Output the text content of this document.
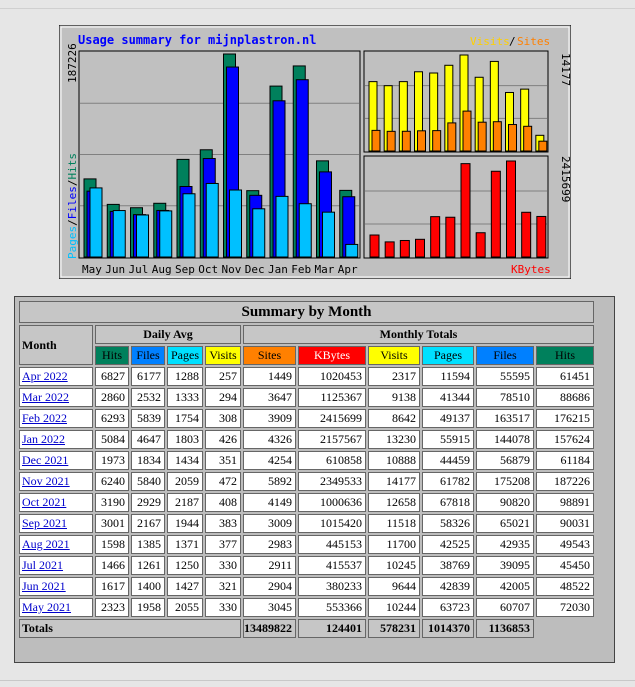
Usage summary for mijnplastron.nl	Visits / Sites
May Jun Jul Aug Sep Oct Nov Dec Jan Feb Mar Apr
187226
Pages/Files/Hits
14177
2415699
KBytes
Summary by Month										
Month	Daily Avg				Monthly Totals					
	Hits	Files	Pages	Visits	Sites	KBytes	Visits	Pages	Files	Hits
Apr 2022	6827	6177	1288	257	1449	1020453	2317	11594	55595	61451
Mar 2022	2860	2532	1333	294	3647	1125367	9138	41344	78510	88686
Feb 2022	6293	5839	1754	308	3909	2415699	8642	49137	163517	176215
Jan 2022	5084	4647	1803	426	4326	2157567	13230	55915	144078	157624
Dec 2021	1973	1834	1434	351	4254	610858	10888	44459	56879	61184
Nov 2021	6240	5840	2059	472	5892	2349533	14177	61782	175208	187226
Oct 2021	3190	2929	2187	408	4149	1000636	12658	67818	90820	98891
Sep 2021	3001	2167	1944	383	3009	1015420	11518	58326	65021	90031
Aug 2021	1598	1385	1371	377	2983	445153	11700	42525	42935	49543
Jul 2021	1466	1261	1250	330	2911	415537	10245	38769	39095	45450
Jun 2021	1617	1400	1427	321	2904	380233	9644	42839	42005	48522
May 2021	2323	1958	2055	330	3045	553366	10244	63723	60707	72030
Totals					13489822	124401	578231	1014370	1136853	
